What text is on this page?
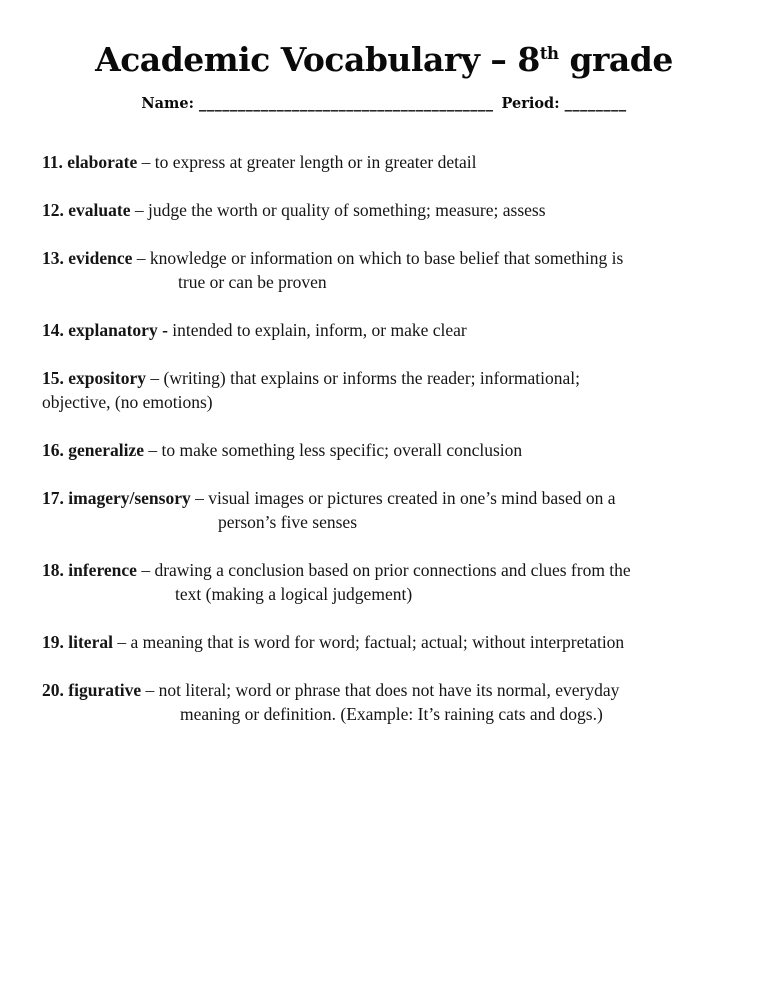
Academic Vocabulary – 8th grade
Name: ______________________________________ Period: ________

11. elaborate – to express at greater length or in greater detail

12. evaluate – judge the worth or quality of something; measure; assess

13. evidence – knowledge or information on which to base belief that something is
true or can be proven

14. explanatory - intended to explain, inform, or make clear

15. expository – (writing) that explains or informs the reader; informational;
objective, (no emotions)

16. generalize – to make something less specific; overall conclusion

17. imagery/sensory – visual images or pictures created in one’s mind based on a
person’s five senses

18. inference – drawing a conclusion based on prior connections and clues from the
text (making a logical judgement)

19. literal – a meaning that is word for word; factual; actual; without interpretation

20. figurative – not literal; word or phrase that does not have its normal, everyday
meaning or definition. (Example: It’s raining cats and dogs.)
